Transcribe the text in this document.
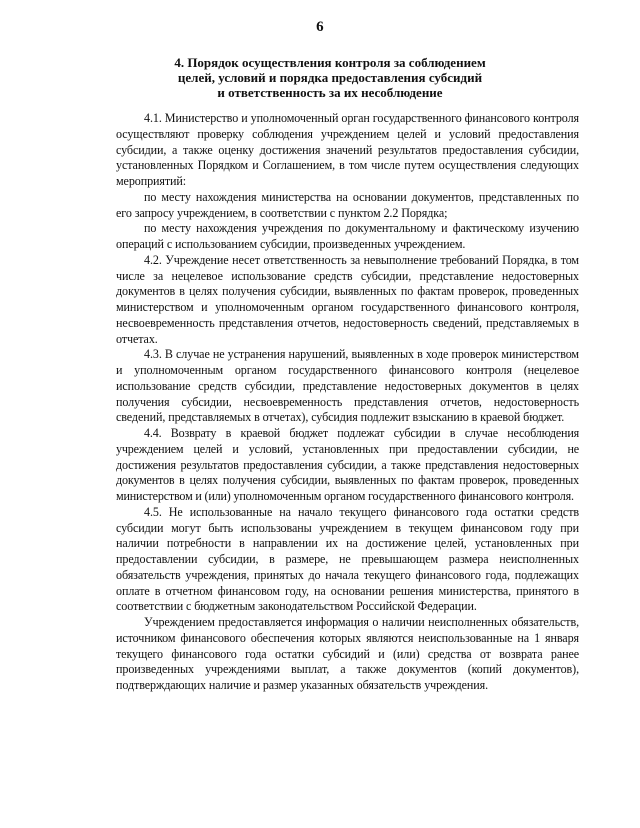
6
4. Порядок осуществления контроля за соблюдением
целей, условий и порядка предоставления субсидий
и ответственность за их несоблюдение

4.1. Министерство и уполномоченный орган государственного финансового контроля осуществляют проверку соблюдения учреждением целей и условий предоставления субсидии, а также оценку достижения значений результатов предоставления субсидии, установленных Порядком и Соглашением, в том числе путем осуществления следующих мероприятий:

по месту нахождения министерства на основании документов, представленных по его запросу учреждением, в соответствии с пунктом 2.2 Порядка;

по месту нахождения учреждения по документальному и фактическому изучению операций с использованием субсидии, произведенных учреждением.

4.2. Учреждение несет ответственность за невыполнение требований Порядка, в том числе за нецелевое использование средств субсидии, представление недостоверных документов в целях получения субсидии, выявленных по фактам проверок, проведенных министерством и уполномоченным органом государственного финансового контроля, несвоевременность представления отчетов, недостоверность сведений, представляемых в отчетах.

4.3. В случае не устранения нарушений, выявленных в ходе проверок министерством и уполномоченным органом государственного финансового контроля (нецелевое использование средств субсидии, представление недостоверных документов в целях получения субсидии, несвоевременность представления отчетов, недостоверность сведений, представляемых в отчетах), субсидия подлежит взысканию в краевой бюджет.

4.4. Возврату в краевой бюджет подлежат субсидии в случае несоблюдения учреждением целей и условий, установленных при предоставлении субсидии, не достижения результатов предоставления субсидии, а также представления недостоверных документов в целях получения субсидии, выявленных по фактам проверок, проведенных министерством и (или) уполномоченным органом государственного финансового контроля.

4.5. Не использованные на начало текущего финансового года остатки средств субсидии могут быть использованы учреждением в текущем финансовом году при наличии потребности в направлении их на достижение целей, установленных при предоставлении субсидии, в размере, не превышающем размера неисполненных обязательств учреждения, принятых до начала текущего финансового года, подлежащих оплате в отчетном финансовом году, на основании решения министерства, принятого в соответствии с бюджетным законодательством Российской Федерации.

Учреждением предоставляется информация о наличии неисполненных обязательств, источником финансового обеспечения которых являются неиспользованные на 1 января текущего финансового года остатки субсидий и (или) средства от возврата ранее произведенных учреждениями выплат, а также документов (копий документов), подтверждающих наличие и размер указанных обязательств учреждения.
